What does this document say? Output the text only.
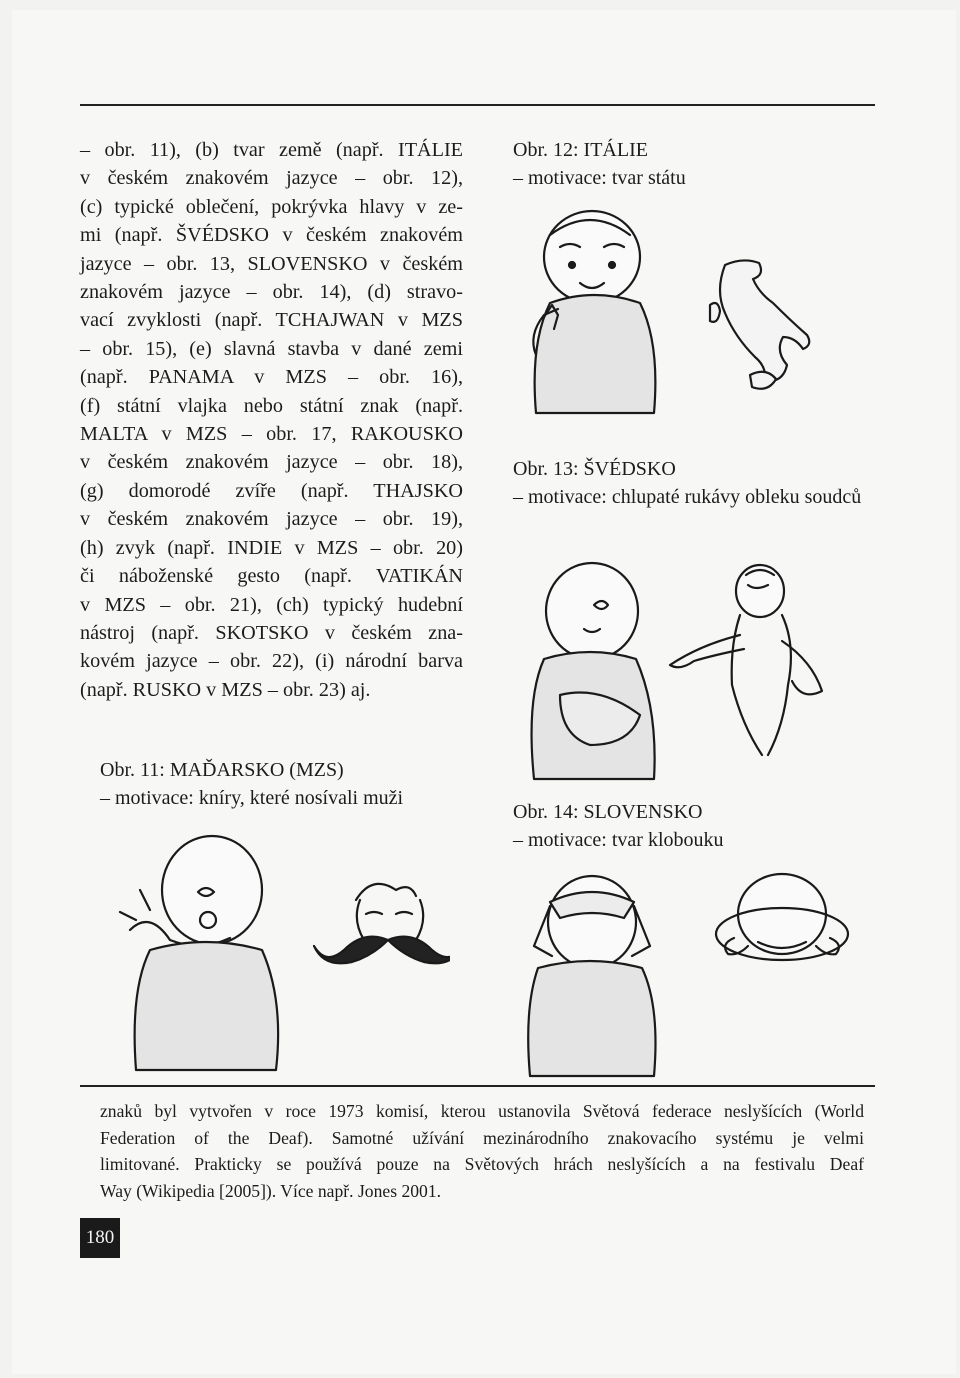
– obr. 11), (b) tvar země (např. ITÁLIE
v českém znakovém jazyce – obr. 12),
(c) typické oblečení, pokrývka hlavy v ze-
mi (např. ŠVÉDSKO v českém znakovém
jazyce – obr. 13, SLOVENSKO v českém
znakovém jazyce – obr. 14), (d) stravo-
vací zvyklosti (např. TCHAJWAN v MZS
– obr. 15), (e) slavná stavba v dané zemi
(např. PANAMA v MZS – obr. 16),
(f) státní vlajka nebo státní znak (např.
MALTA v MZS – obr. 17, RAKOUSKO
v českém znakovém jazyce – obr. 18),
(g) domorodé zvíře (např. THAJSKO
v českém znakovém jazyce – obr. 19),
(h) zvyk (např. INDIE v MZS – obr. 20)
či náboženské gesto (např. VATIKÁN
v MZS – obr. 21), (ch) typický hudební
nástroj (např. SKOTSKO v českém zna-
kovém jazyce – obr. 22), (i) národní barva
(např. RUSKO v MZS – obr. 23) aj.
Obr. 12: ITÁLIE
– motivace: tvar státu
Obr. 13: ŠVÉDSKO
– motivace: chlupaté rukávy obleku soudců
Obr. 14: SLOVENSKO
– motivace: tvar klobouku
Obr. 11: MAĎARSKO (MZS)
– motivace: kníry, které nosívali muži
znaků byl vytvořen v roce 1973 komisí, kterou ustanovila Světová federace neslyšících (World
Federation of the Deaf). Samotné užívání mezinárodního znakovacího systému je velmi
limitované. Prakticky se používá pouze na Světových hrách neslyšících a na festivalu Deaf
Way (Wikipedia [2005]). Více např. Jones 2001.
180
